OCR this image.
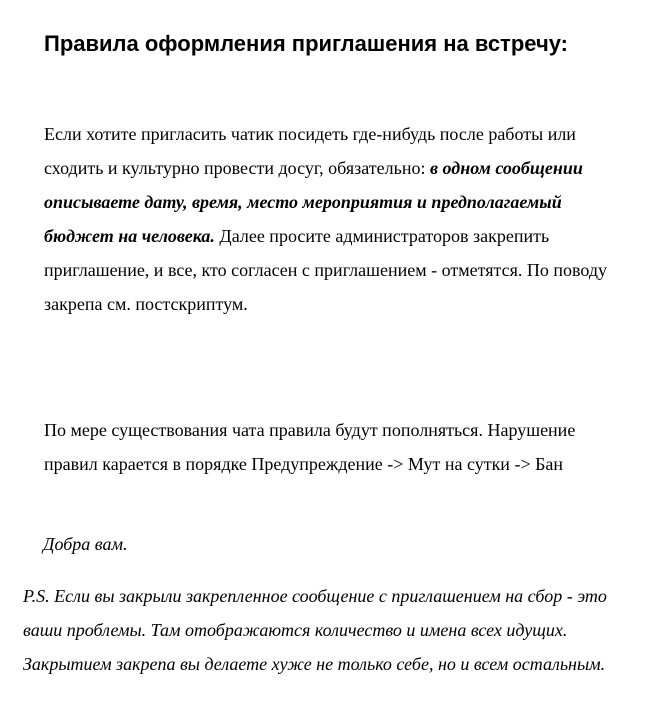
Правила оформления приглашения на встречу:

Если хотите пригласить чатик посидеть где-нибудь после работы или сходить и культурно провести досуг, обязательно: в одном сообщении описываете дату, время, место мероприятия и предполагаемый бюджет на человека. Далее просите администраторов закрепить приглашение, и все, кто согласен с приглашением - отметятся. По поводу закрепа см. постскриптум.

По мере существования чата правила будут пополняться. Нарушение правил карается в порядке Предупреждение -> Мут на сутки -> Бан

Добра вам.

P.S. Если вы закрыли закрепленное сообщение с приглашением на сбор - это ваши проблемы. Там отображаются количество и имена всех идущих. Закрытием закрепа вы делаете хуже не только себе, но и всем остальным.
